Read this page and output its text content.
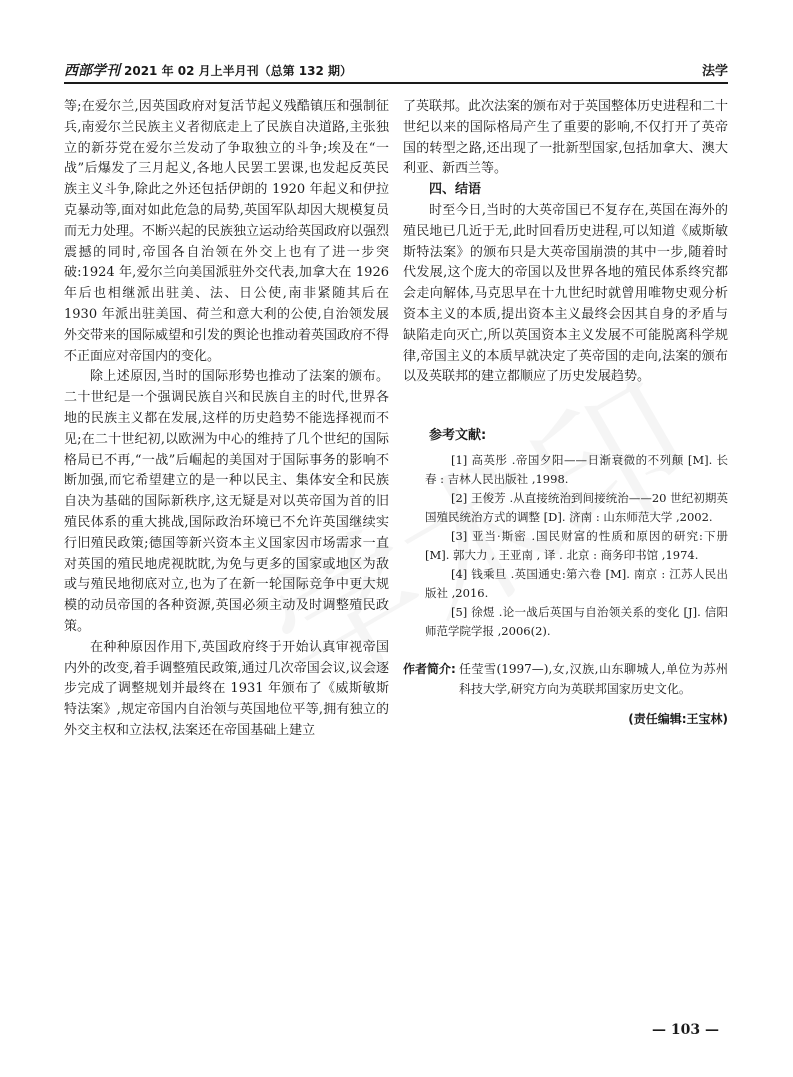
西部学刊 2021 年 02 月上半月刊（总第 132 期）	法学

等;在爱尔兰,因英国政府对复活节起义残酷镇压和强制征兵,南爱尔兰民族主义者彻底走上了民族自决道路,主张独立的新芬党在爱尔兰发动了争取独立的斗争;埃及在“一战”后爆发了三月起义,各地人民罢工罢课,也发起反英民族主义斗争,除此之外还包括伊朗的 1920 年起义和伊拉克暴动等,面对如此危急的局势,英国军队却因大规模复员而无力处理。不断兴起的民族独立运动给英国政府以强烈震撼的同时,帝国各自治领在外交上也有了进一步突破:1924 年,爱尔兰向美国派驻外交代表,加拿大在 1926 年后也相继派出驻美、法、日公使,南非紧随其后在 1930 年派出驻美国、荷兰和意大利的公使,自治领发展外交带来的国际威望和引发的舆论也推动着英国政府不得不正面应对帝国内的变化。

除上述原因,当时的国际形势也推动了法案的颁布。二十世纪是一个强调民族自兴和民族自主的时代,世界各地的民族主义都在发展,这样的历史趋势不能选择视而不见;在二十世纪初,以欧洲为中心的维持了几个世纪的国际格局已不再,“一战”后崛起的美国对于国际事务的影响不断加强,而它希望建立的是一种以民主、集体安全和民族自决为基础的国际新秩序,这无疑是对以英帝国为首的旧殖民体系的重大挑战,国际政治环境已不允许英国继续实行旧殖民政策;德国等新兴资本主义国家因市场需求一直对英国的殖民地虎视眈眈,为免与更多的国家或地区为敌或与殖民地彻底对立,也为了在新一轮国际竞争中更大规模的动员帝国的各种资源,英国必须主动及时调整殖民政策。

在种种原因作用下,英国政府终于开始认真审视帝国内外的改变,着手调整殖民政策,通过几次帝国会议,议会逐步完成了调整规划并最终在 1931 年颁布了《威斯敏斯特法案》,规定帝国内自治领与英国地位平等,拥有独立的外交主权和立法权,法案还在帝国基础上建立

了英联邦。此次法案的颁布对于英国整体历史进程和二十世纪以来的国际格局产生了重要的影响,不仅打开了英帝国的转型之路,还出现了一批新型国家,包括加拿大、澳大利亚、新西兰等。

四、结语

时至今日,当时的大英帝国已不复存在,英国在海外的殖民地已几近于无,此时回看历史进程,可以知道《威斯敏斯特法案》的颁布只是大英帝国崩溃的其中一步,随着时代发展,这个庞大的帝国以及世界各地的殖民体系终究都会走向解体,马克思早在十九世纪时就曾用唯物史观分析资本主义的本质,提出资本主义最终会因其自身的矛盾与缺陷走向灭亡,所以英国资本主义发展不可能脱离科学规律,帝国主义的本质早就决定了英帝国的走向,法案的颁布以及英联邦的建立都顺应了历史发展趋势。

参考文献:

[1] 高英彤 .帝国夕阳——日渐衰微的不列颠 [M]. 长春 : 吉林人民出版社 ,1998.

[2] 王俊芳 .从直接统治到间接统治——20 世纪初期英国殖民统治方式的调整 [D]. 济南 : 山东师范大学 ,2002.

[3] 亚当·斯密 .国民财富的性质和原因的研究:下册 [M]. 郭大力 , 王亚南 , 译 . 北京 : 商务印书馆 ,1974.

[4] 钱乘旦 .英国通史:第六卷 [M]. 南京 : 江苏人民出版社 ,2016.

[5] 徐煜 .论一战后英国与自治领关系的变化 [J]. 信阳师范学院学报 ,2006(2).

作者简介: 任莹雪(1997—),女,汉族,山东聊城人,单位为苏州科技大学,研究方向为英联邦国家历史文化。
(责任编辑:王宝林)
— 103 —
